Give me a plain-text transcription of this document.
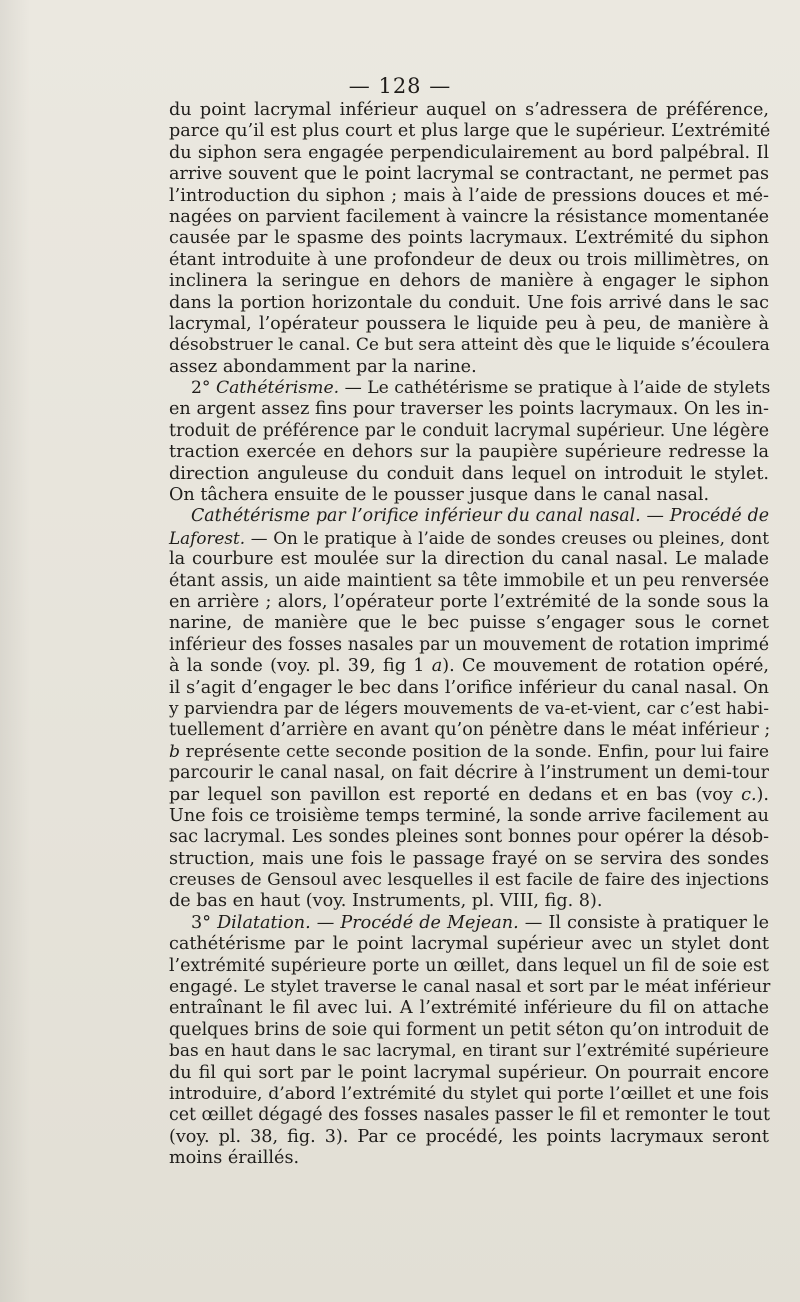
— 128 —
du point lacrymal inférieur auquel on s’adressera de préférence,
parce qu’il est plus court et plus large que le supérieur. L’extrémité
du siphon sera engagée perpendiculairement au bord palpébral. Il
arrive souvent que le point lacrymal se contractant, ne permet pas
l’introduction du siphon ; mais à l’aide de pressions douces et mé-
nagées on parvient facilement à vaincre la résistance momentanée
causée par le spasme des points lacrymaux. L’extrémité du siphon
étant introduite à une profondeur de deux ou trois millimètres, on
inclinera la seringue en dehors de manière à engager le siphon
dans la portion horizontale du conduit. Une fois arrivé dans le sac
lacrymal, l’opérateur poussera le liquide peu à peu, de manière à
désobstruer le canal. Ce but sera atteint dès que le liquide s’écoulera
assez abondamment par la narine.
2° Cathétérisme. — Le cathétérisme se pratique à l’aide de stylets
en argent assez fins pour traverser les points lacrymaux. On les in-
troduit de préférence par le conduit lacrymal supérieur. Une légère
traction exercée en dehors sur la paupière supérieure redresse la
direction anguleuse du conduit dans lequel on introduit le stylet.
On tâchera ensuite de le pousser jusque dans le canal nasal.
Cathétérisme par l’orifice inférieur du canal nasal. — Procédé de
Laforest. — On le pratique à l’aide de sondes creuses ou pleines, dont
la courbure est moulée sur la direction du canal nasal. Le malade
étant assis, un aide maintient sa tête immobile et un peu renversée
en arrière ; alors, l’opérateur porte l’extrémité de la sonde sous la
narine, de manière que le bec puisse s’engager sous le cornet
inférieur des fosses nasales par un mouvement de rotation imprimé
à la sonde (voy. pl. 39, fig 1 a). Ce mouvement de rotation opéré,
il s’agit d’engager le bec dans l’orifice inférieur du canal nasal. On
y parviendra par de légers mouvements de va-et-vient, car c’est habi-
tuellement d’arrière en avant qu’on pénètre dans le méat inférieur ;
b représente cette seconde position de la sonde. Enfin, pour lui faire
parcourir le canal nasal, on fait décrire à l’instrument un demi-tour
par lequel son pavillon est reporté en dedans et en bas (voy c.).
Une fois ce troisième temps terminé, la sonde arrive facilement au
sac lacrymal. Les sondes pleines sont bonnes pour opérer la désob-
struction, mais une fois le passage frayé on se servira des sondes
creuses de Gensoul avec lesquelles il est facile de faire des injections
de bas en haut (voy. Instruments, pl. VIII, fig. 8).
3° Dilatation. — Procédé de Mejean. — Il consiste à pratiquer le
cathétérisme par le point lacrymal supérieur avec un stylet dont
l’extrémité supérieure porte un œillet, dans lequel un fil de soie est
engagé. Le stylet traverse le canal nasal et sort par le méat inférieur
entraînant le fil avec lui. A l’extrémité inférieure du fil on attache
quelques brins de soie qui forment un petit séton qu’on introduit de
bas en haut dans le sac lacrymal, en tirant sur l’extrémité supérieure
du fil qui sort par le point lacrymal supérieur. On pourrait encore
introduire, d’abord l’extrémité du stylet qui porte l’œillet et une fois
cet œillet dégagé des fosses nasales passer le fil et remonter le tout
(voy. pl. 38, fig. 3). Par ce procédé, les points lacrymaux seront
moins éraillés.
